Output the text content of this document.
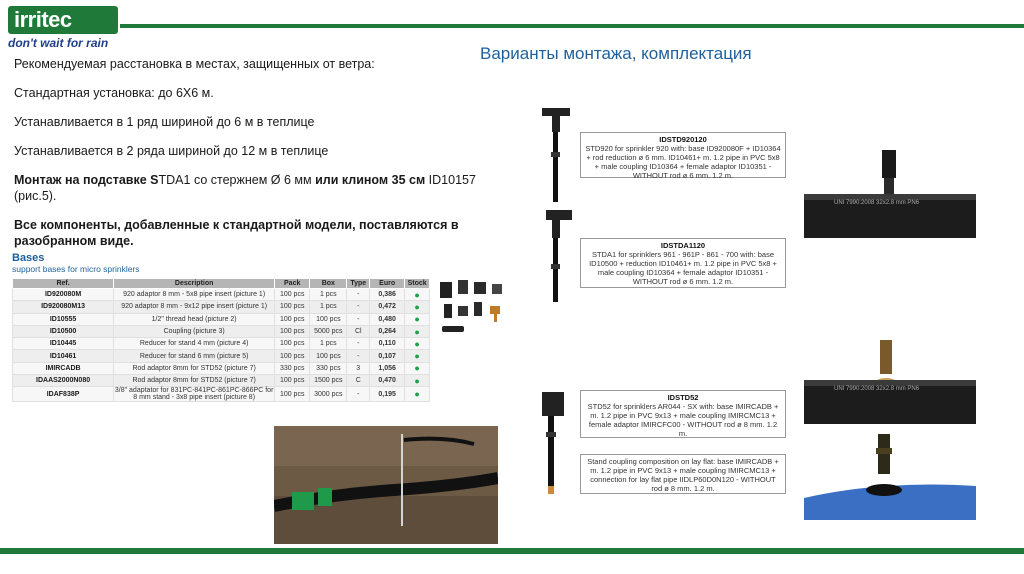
irritec
don't wait for rain
Варианты монтажа, комплектация

Рекомендуемая расстановка в местах, защищенных от ветра:

Стандартная установка: до 6Х6 м.

Устанавливается в 1 ряд шириной до 6 м в теплице

Устанавливается в 2 ряда шириной до 12 м в теплице

Монтаж на подставке STDA1 со стержнем Ø 6 мм или клином 35 см ID10157 (рис.5).

Все компоненты, добавленные к стандартной модели, поставляются в разобранном виде.

Bases
support bases for micro sprinklers
Ref.	Description	Pack	Box	Type	Euro	Stock
ID920080M	920 adaptor 8 mm - 5x8 pipe insert (picture 1)	100 pcs	1 pcs	-	0,386	●
ID920080M13	920 adaptor 8 mm - 9x12 pipe insert (picture 1)	100 pcs	1 pcs	-	0,472	●
ID10555	1/2" thread head (picture 2)	100 pcs	100 pcs	-	0,480	●
ID10500	Coupling (picture 3)	100 pcs	5000 pcs	Cl	0,264	●
ID10445	Reducer for stand 4 mm (picture 4)	100 pcs	1 pcs	-	0,110	●
ID10461	Reducer for stand 6 mm (picture 5)	100 pcs	100 pcs	-	0,107	●
IMIRCADB	Rod adaptor 8mm for STD52 (picture 7)	330 pcs	330 pcs	3	1,056	●
IDAAS2000N080	Rod adaptor 8mm for STD52 (picture 7)	100 pcs	1500 pcs	C	0,470	●
IDAF838P	3/8" adaptator for 831PC-841PC-861PC-866PC for 8 mm stand - 3x8 pipe insert (picture 8)	100 pcs	3000 pcs	-	0,195	●
IDSTD920120
STD920 for sprinkler 920 with: base ID920080F + ID10364 + rod reduction ø 6 mm. ID10461+ m. 1.2 pipe in PVC 5x8 + male coupling ID10364 + female adaptor ID10351 - WITHOUT rod ø 6 mm. 1.2 m.
IDSTDA1120
STDA1 for sprinklers 961 - 961P - 861 - 700 with: base ID10500 + reduction ID10461+ m. 1.2 pipe in PVC 5x8 + male coupling ID10364 + female adaptor ID10351 -WITHOUT rod ø 6 mm. 1.2 m.
IDSTD52
STD52 for sprinklers AR044 - SX with: base IMIRCADB + m. 1.2 pipe in PVC 9x13 + male coupling IMIRCMC13 + female adaptor IMIRCFC00 - WITHOUT rod ø 8 mm. 1.2 m.
Stand coupling composition on lay flat: base IMIRCADB + m. 1.2 pipe in PVC 9x13 + male coupling IMIRCMC13 + connection for lay flat pipe IIDLP60D0N120 - WITHOUT rod ø 8 mm. 1.2 m.
UNI 7990:2008 32x2.8 mm PN6
UNI 7990:2008 32x2.8 mm PN6
